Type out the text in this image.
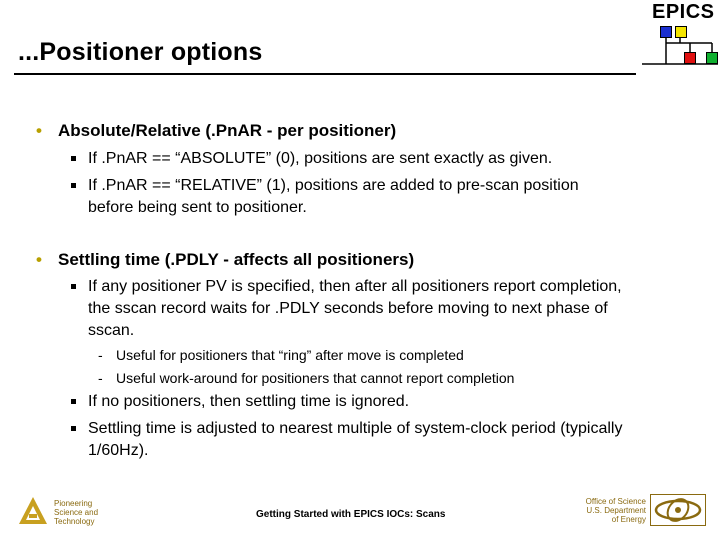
EPICS
...Positioner options
• Absolute/Relative (.PnAR - per positioner)
If .PnAR == “ABSOLUTE” (0), positions are sent exactly as given.
If .PnAR == “RELATIVE” (1), positions are added to pre-scan position
before being sent to positioner.
• Settling time (.PDLY - affects all positioners)
If any positioner PV is specified, then after all positioners report completion,
the sscan record waits for .PDLY seconds before moving to next phase of
sscan.
- Useful for positioners that “ring” after move is completed
- Useful work-around for positioners that cannot report completion
If no positioners, then settling time is ignored.
Settling time is adjusted to nearest multiple of system-clock period (typically
1/60Hz).
Pioneering
Science and
Technology
Getting Started with EPICS IOCs: Scans
Office of Science
U.S. Department
of Energy
